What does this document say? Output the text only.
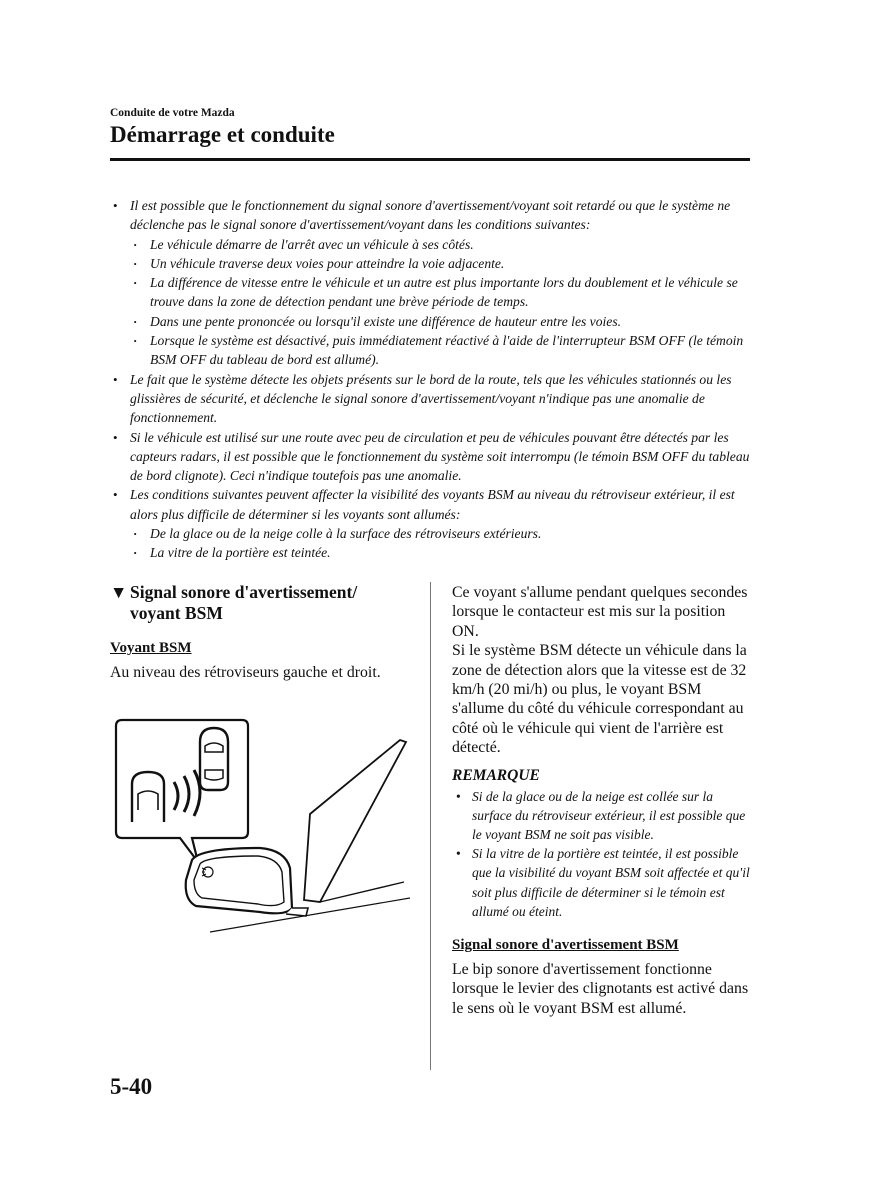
Conduite de votre Mazda
Démarrage et conduite
• Il est possible que le fonctionnement du signal sonore d'avertissement/voyant soit retardé ou que le système ne déclenche pas le signal sonore d'avertissement/voyant dans les conditions suivantes:
· Le véhicule démarre de l'arrêt avec un véhicule à ses côtés.
· Un véhicule traverse deux voies pour atteindre la voie adjacente.
· La différence de vitesse entre le véhicule et un autre est plus importante lors du doublement et le véhicule se trouve dans la zone de détection pendant une brève période de temps.
· Dans une pente prononcée ou lorsqu'il existe une différence de hauteur entre les voies.
· Lorsque le système est désactivé, puis immédiatement réactivé à l'aide de l'interrupteur BSM OFF (le témoin BSM OFF du tableau de bord est allumé).
• Le fait que le système détecte les objets présents sur le bord de la route, tels que les véhicules stationnés ou les glissières de sécurité, et déclenche le signal sonore d'avertissement/voyant n'indique pas une anomalie de fonctionnement.
• Si le véhicule est utilisé sur une route avec peu de circulation et peu de véhicules pouvant être détectés par les capteurs radars, il est possible que le fonctionnement du système soit interrompu (le témoin BSM OFF du tableau de bord clignote). Ceci n'indique toutefois pas une anomalie.
• Les conditions suivantes peuvent affecter la visibilité des voyants BSM au niveau du rétroviseur extérieur, il est alors plus difficile de déterminer si les voyants sont allumés:
· De la glace ou de la neige colle à la surface des rétroviseurs extérieurs.
· La vitre de la portière est teintée.
▼ Signal sonore d'avertissement/
voyant BSM
Voyant BSM
Au niveau des rétroviseurs gauche et droit.
Ce voyant s'allume pendant quelques secondes lorsque le contacteur est mis sur la position ON.
Si le système BSM détecte un véhicule dans la zone de détection alors que la vitesse est de 32 km/h (20 mi/h) ou plus, le voyant BSM s'allume du côté du véhicule correspondant au côté où le véhicule qui vient de l'arrière est détecté.
REMARQUE
• Si de la glace ou de la neige est collée sur la surface du rétroviseur extérieur, il est possible que le voyant BSM ne soit pas visible.
• Si la vitre de la portière est teintée, il est possible que la visibilité du voyant BSM soit affectée et qu'il soit plus difficile de déterminer si le témoin est allumé ou éteint.
Signal sonore d'avertissement BSM
Le bip sonore d'avertissement fonctionne lorsque le levier des clignotants est activé dans le sens où le voyant BSM est allumé.
5-40
